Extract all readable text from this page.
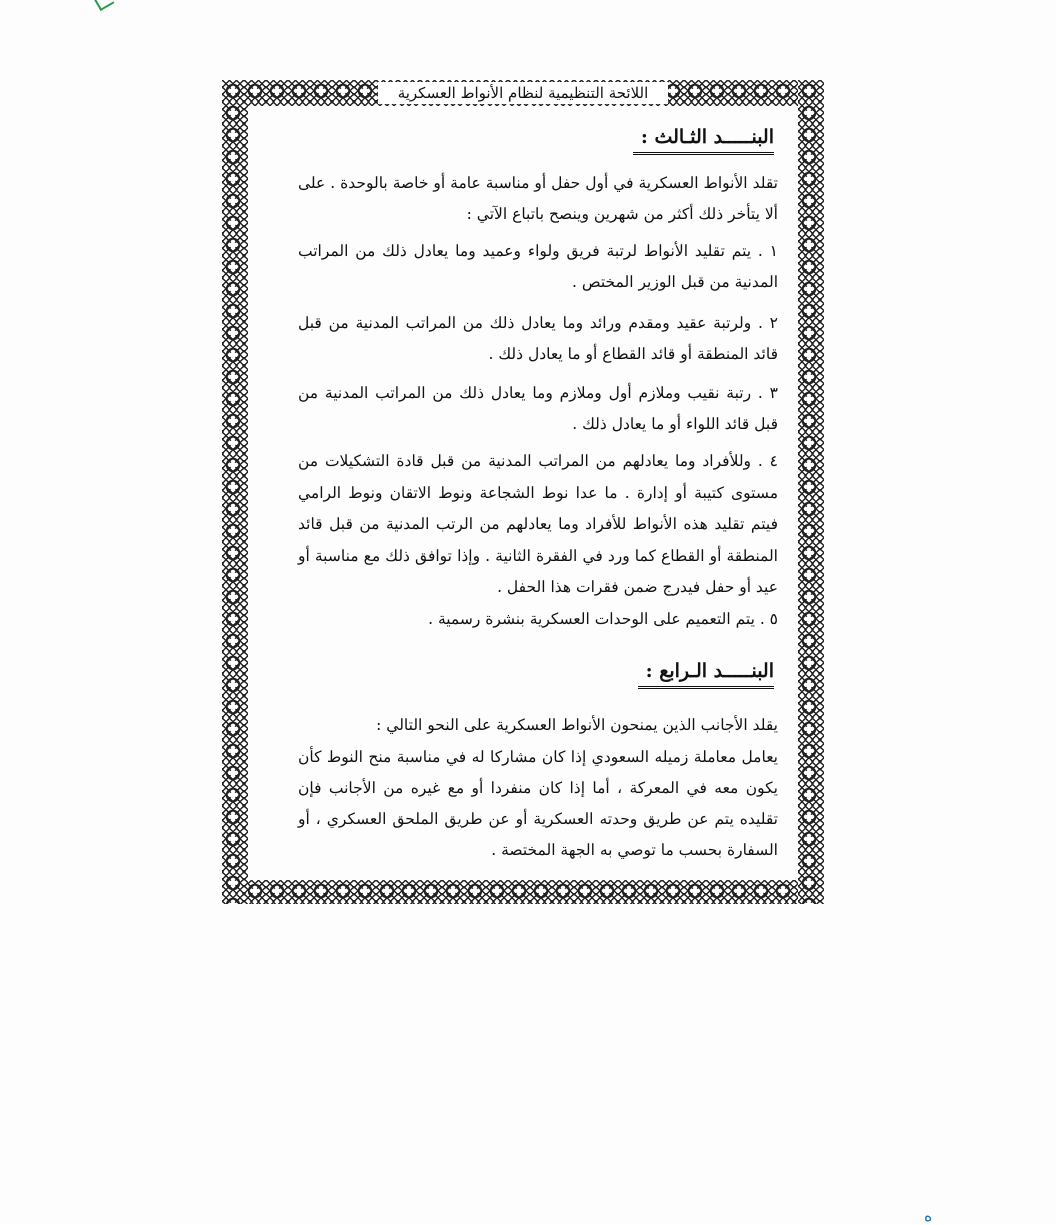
اللائحة التنظيمية لنظام الأنواط العسكرية
البنـــــد الثـالث :
تقلد الأنواط العسكرية في أول حفل أو مناسبة عامة أو خاصة بالوحدة . على ألا يتأخر ذلك أكثر من شهرين وينصح باتباع الآتي :
١ . يتم تقليد الأنواط لرتبة فريق ولواء وعميد وما يعادل ذلك من المراتب المدنية من قبل الوزير المختص .
٢ . ولرتبة عقيد ومقدم ورائد وما يعادل ذلك من المراتب المدنية من قبل قائد المنطقة أو قائد القطاع أو ما يعادل ذلك .
٣ . رتبة نقيب وملازم أول وملازم وما يعادل ذلك من المراتب المدنية من قبل قائد اللواء أو ما يعادل ذلك .
٤ . وللأفراد وما يعادلهم من المراتب المدنية من قبل قادة التشكيلات من مستوى كتيبة أو إدارة . ما عدا نوط الشجاعة ونوط الاتقان ونوط الرامي فيتم تقليد هذه الأنواط للأفراد وما يعادلهم من الرتب المدنية من قبل قائد المنطقة أو القطاع كما ورد في الفقرة الثانية . وإذا توافق ذلك مع مناسبة أو عيد أو حفل فيدرج ضمن فقرات هذا الحفل .
٥ . يتم التعميم على الوحدات العسكرية بنشرة رسمية .
البنـــــد الـرابع :
يقلد الأجانب الذين يمنحون الأنواط العسكرية على النحو التالي :
يعامل معاملة زميله السعودي إذا كان مشاركا له في مناسبة منح النوط كأن يكون معه في المعركة ، أما إذا كان منفردا أو مع غيره من الأجانب فإن تقليده يتم عن طريق وحدته العسكرية أو عن طريق الملحق العسكري ، أو السفارة بحسب ما توصي به الجهة المختصة .
ه
